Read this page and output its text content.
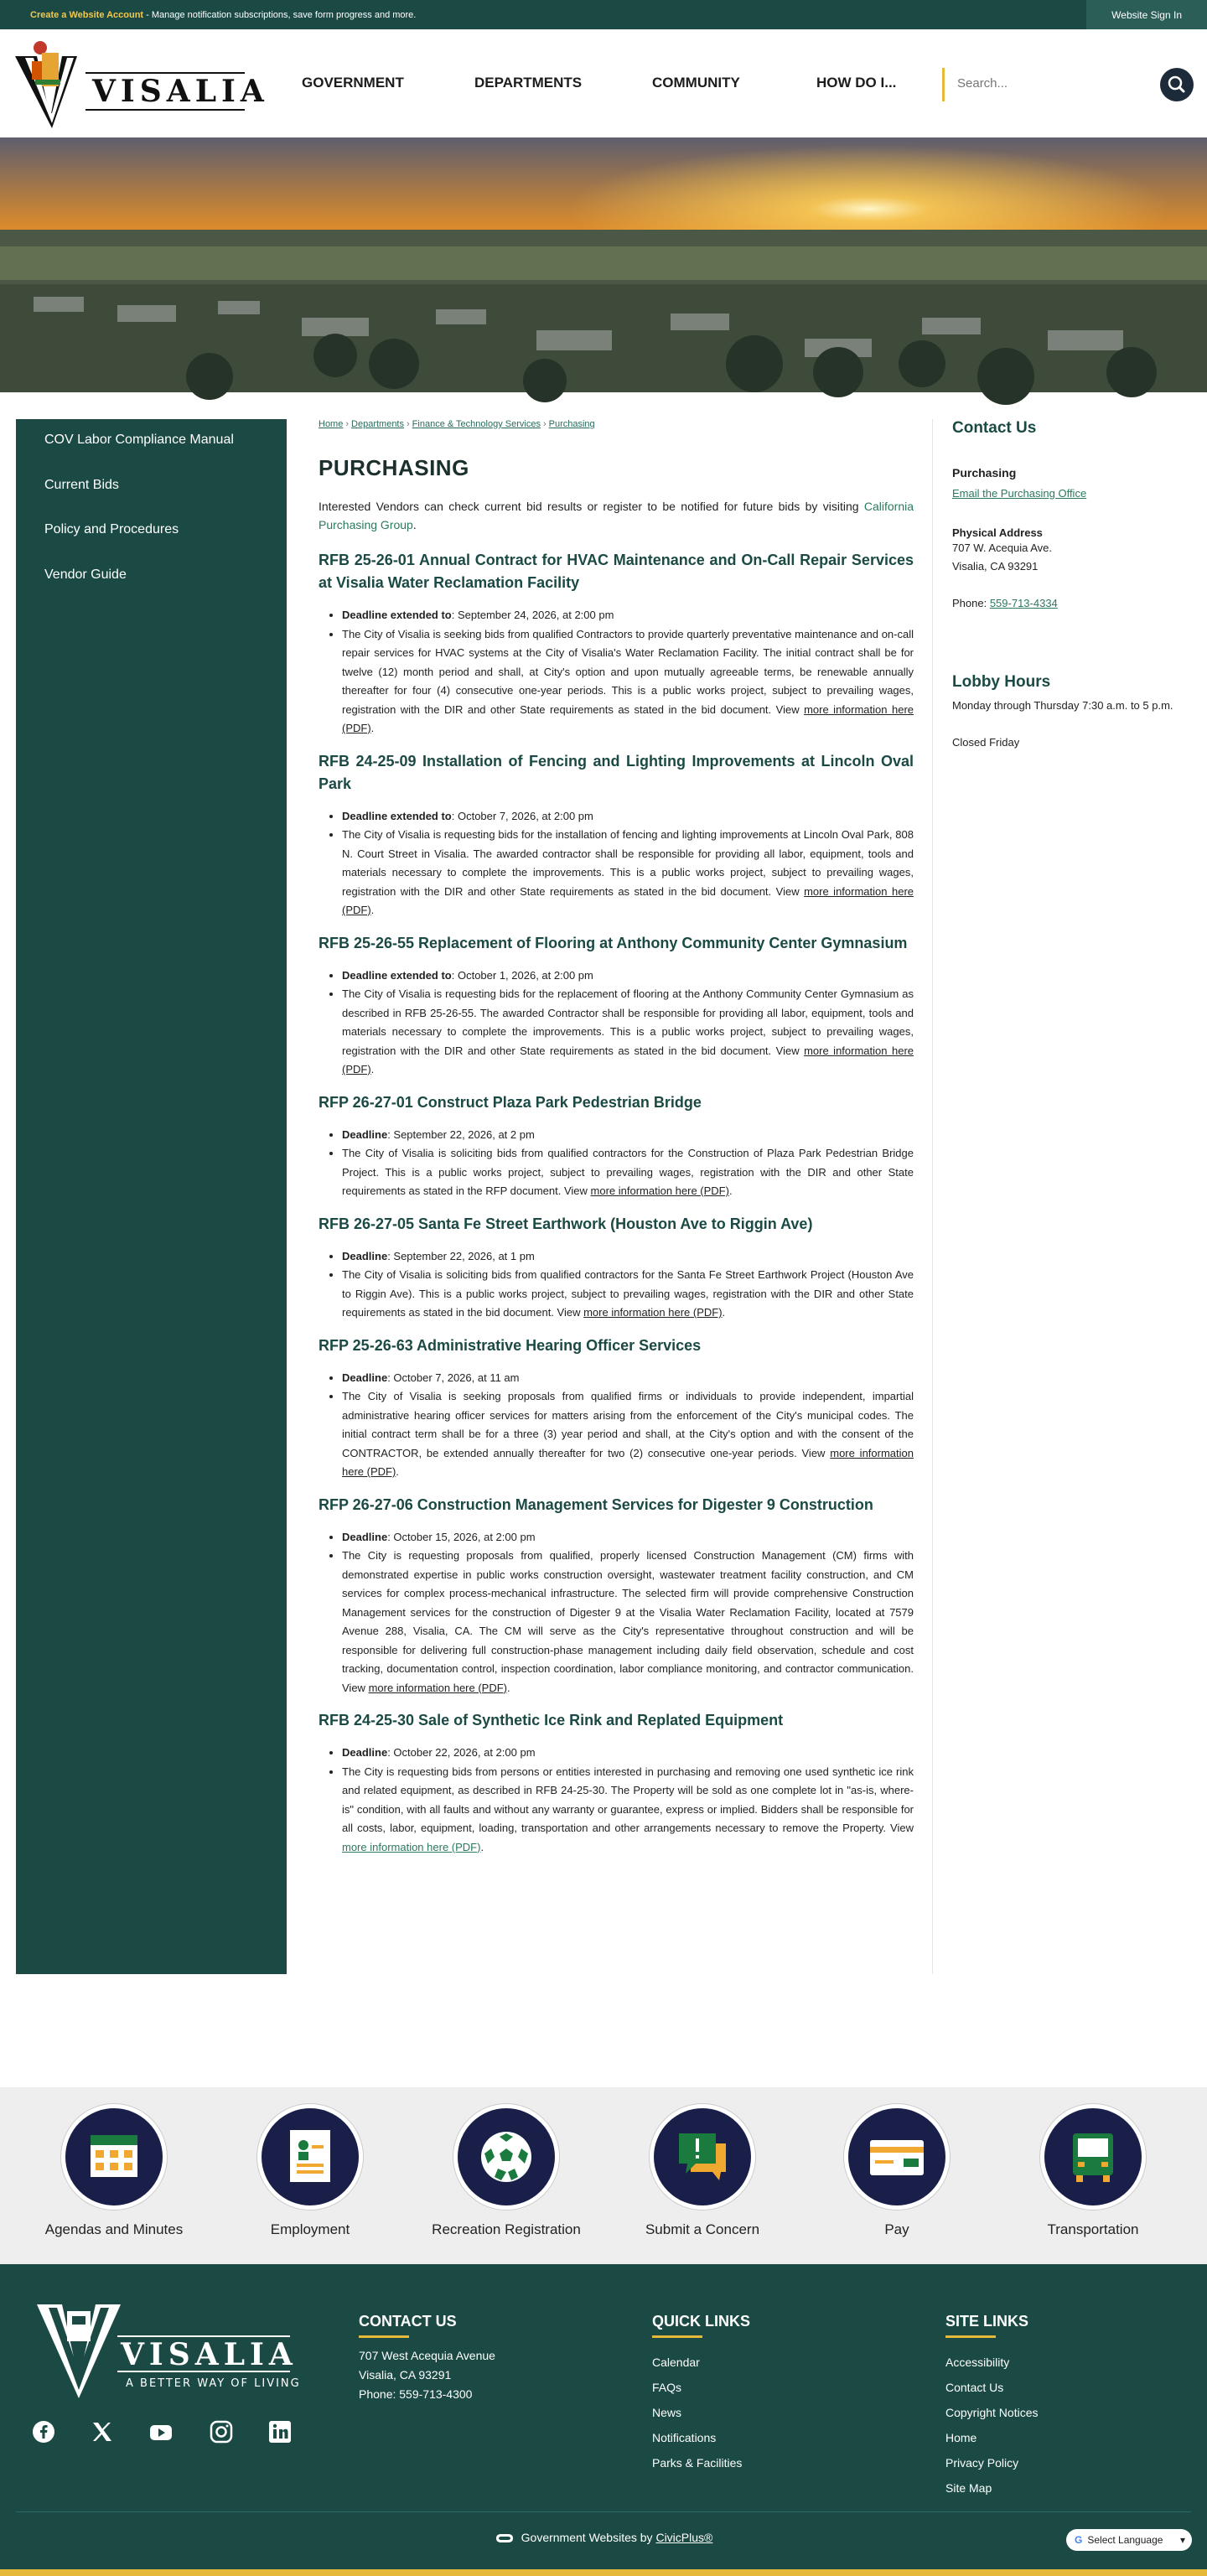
Create a Website Account - Manage notification subscriptions, save form progress and more.	Website Sign In
VISALIA GOVERNMENT	DEPARTMENTS	COMMUNITY	HOW DO I...
Search...
COV Labor Compliance Manual
Current Bids
Policy and Procedures
Vendor Guide
Home › Departments › Finance & Technology Services › Purchasing
PURCHASING

Interested Vendors can check current bid results or register to be notified for future bids by visiting California Purchasing Group.

RFB 25-26-01 Annual Contract for HVAC Maintenance and On-Call Repair Services at Visalia Water Reclamation Facility
• Deadline extended to: September 24, 2026, at 2:00 pm
• The City of Visalia is seeking bids from qualified Contractors to provide quarterly preventative maintenance and on-call repair services for HVAC systems at the City of Visalia's Water Reclamation Facility. The initial contract shall be for twelve (12) month period and shall, at City's option and upon mutually agreeable terms, be renewable annually thereafter for four (4) consecutive one-year periods. This is a public works project, subject to prevailing wages, registration with the DIR and other State requirements as stated in the bid document. View more information here (PDF).
RFB 24-25-09 Installation of Fencing and Lighting Improvements at Lincoln Oval Park
• Deadline extended to: October 7, 2026, at 2:00 pm
• The City of Visalia is requesting bids for the installation of fencing and lighting improvements at Lincoln Oval Park, 808 N. Court Street in Visalia. The awarded contractor shall be responsible for providing all labor, equipment, tools and materials necessary to complete the improvements. This is a public works project, subject to prevailing wages, registration with the DIR and other State requirements as stated in the bid document. View more information here (PDF).
RFB 25-26-55 Replacement of Flooring at Anthony Community Center Gymnasium
• Deadline extended to: October 1, 2026, at 2:00 pm
• The City of Visalia is requesting bids for the replacement of flooring at the Anthony Community Center Gymnasium as described in RFB 25-26-55. The awarded Contractor shall be responsible for providing all labor, equipment, tools and materials necessary to complete the improvements. This is a public works project, subject to prevailing wages, registration with the DIR and other State requirements as stated in the bid document. View more information here (PDF).
RFP 26-27-01 Construct Plaza Park Pedestrian Bridge
• Deadline: September 22, 2026, at 2 pm
• The City of Visalia is soliciting bids from qualified contractors for the Construction of Plaza Park Pedestrian Bridge Project. This is a public works project, subject to prevailing wages, registration with the DIR and other State requirements as stated in the RFP document. View more information here (PDF).
RFB 26-27-05 Santa Fe Street Earthwork (Houston Ave to Riggin Ave)
• Deadline: September 22, 2026, at 1 pm
• The City of Visalia is soliciting bids from qualified contractors for the Santa Fe Street Earthwork Project (Houston Ave to Riggin Ave). This is a public works project, subject to prevailing wages, registration with the DIR and other State requirements as stated in the bid document. View more information here (PDF).
RFP 25-26-63 Administrative Hearing Officer Services
• Deadline: October 7, 2026, at 11 am
• The City of Visalia is seeking proposals from qualified firms or individuals to provide independent, impartial administrative hearing officer services for matters arising from the enforcement of the City's municipal codes. The initial contract term shall be for a three (3) year period and shall, at the City's option and with the consent of the CONTRACTOR, be extended annually thereafter for two (2) consecutive one-year periods. View more information here (PDF).
RFP 26-27-06 Construction Management Services for Digester 9 Construction
• Deadline: October 15, 2026, at 2:00 pm
• The City is requesting proposals from qualified, properly licensed Construction Management (CM) firms with demonstrated expertise in public works construction oversight, wastewater treatment facility construction, and CM services for complex process-mechanical infrastructure. The selected firm will provide comprehensive Construction Management services for the construction of Digester 9 at the Visalia Water Reclamation Facility, located at 7579 Avenue 288, Visalia, CA. The CM will serve as the City's representative throughout construction and will be responsible for delivering full construction-phase management including daily field observation, schedule and cost tracking, documentation control, inspection coordination, labor compliance monitoring, and contractor communication. View more information here (PDF).
RFB 24-25-30 Sale of Synthetic Ice Rink and Replated Equipment
• Deadline: October 22, 2026, at 2:00 pm
• The City is requesting bids from persons or entities interested in purchasing and removing one used synthetic ice rink and related equipment, as described in RFB 24-25-30. The Property will be sold as one complete lot in "as-is, where-is" condition, with all faults and without any warranty or guarantee, express or implied. Bidders shall be responsible for all costs, labor, equipment, loading, transportation and other arrangements necessary to remove the Property. View more information here (PDF).
Contact Us
Purchasing

Email the Purchasing Office

Physical Address

707 W. Acequia Ave.

Visalia, CA 93291

Phone: 559-713-4334

Lobby Hours

Monday through Thursday 7:30 a.m. to 5 p.m.

Closed Friday

Agendas and Minutes	Employment	Recreation Registration	Submit a Concern	Pay	Transportation
VISALIA
A BETTER WAY OF LIVING
CONTACT US
707 West Acequia Avenue
Visalia, CA 93291
Phone: 559-713-4300
QUICK LINKS
Calendar
FAQs
News
Notifications
Parks & Facilities
SITE LINKS
Accessibility
Contact Us
Copyright Notices
Home
Privacy Policy
Site Map
Government Websites by CivicPlus®	G Select Language ▾
